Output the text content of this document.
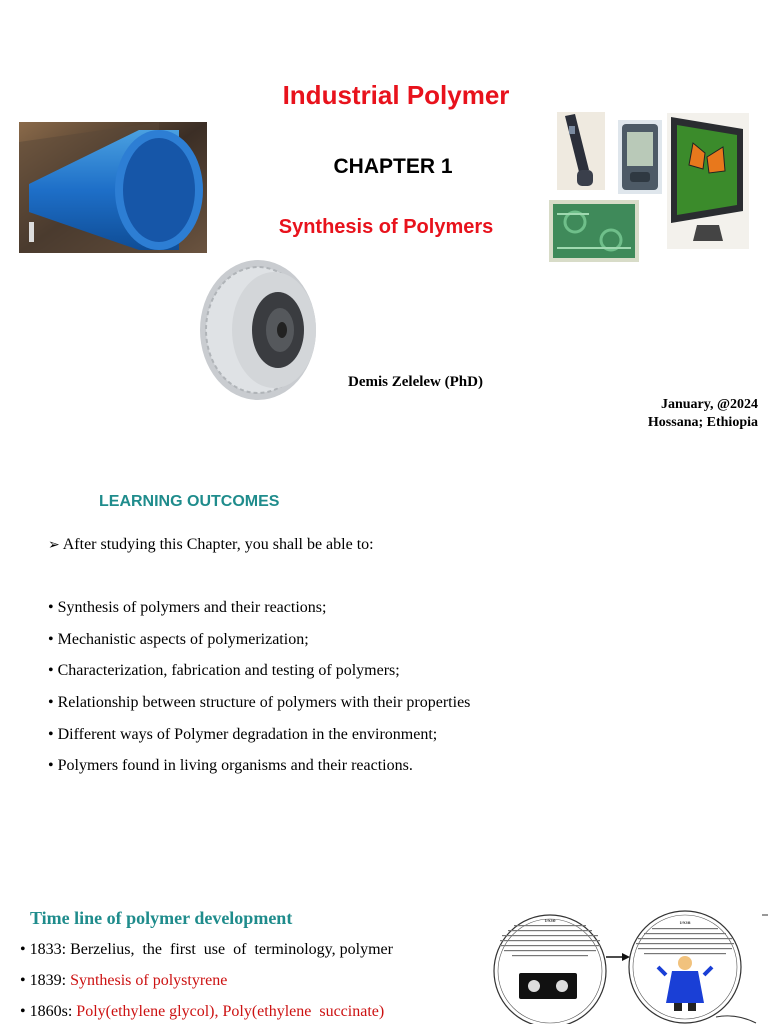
Industrial Polymer
CHAPTER 1
Synthesis of Polymers
Demis Zelelew (PhD)
January, @2024
Hossana; Ethiopia
LEARNING OUTCOMES
➢ After studying this Chapter, you shall be able to:
• Synthesis of polymers and their reactions;
• Mechanistic aspects of polymerization;
• Characterization, fabrication and testing of polymers;
• Relationship between structure of polymers with their properties
• Different ways of Polymer degradation in the environment;
• Polymers found in living organisms and their reactions.
Time line of polymer development
• 1833: Berzelius,  the  first  use  of  terminology, polymer
• 1839: Synthesis of polystyrene
• 1860s: Poly(ethylene glycol), Poly(ethylene  succinate)
1930	1938
